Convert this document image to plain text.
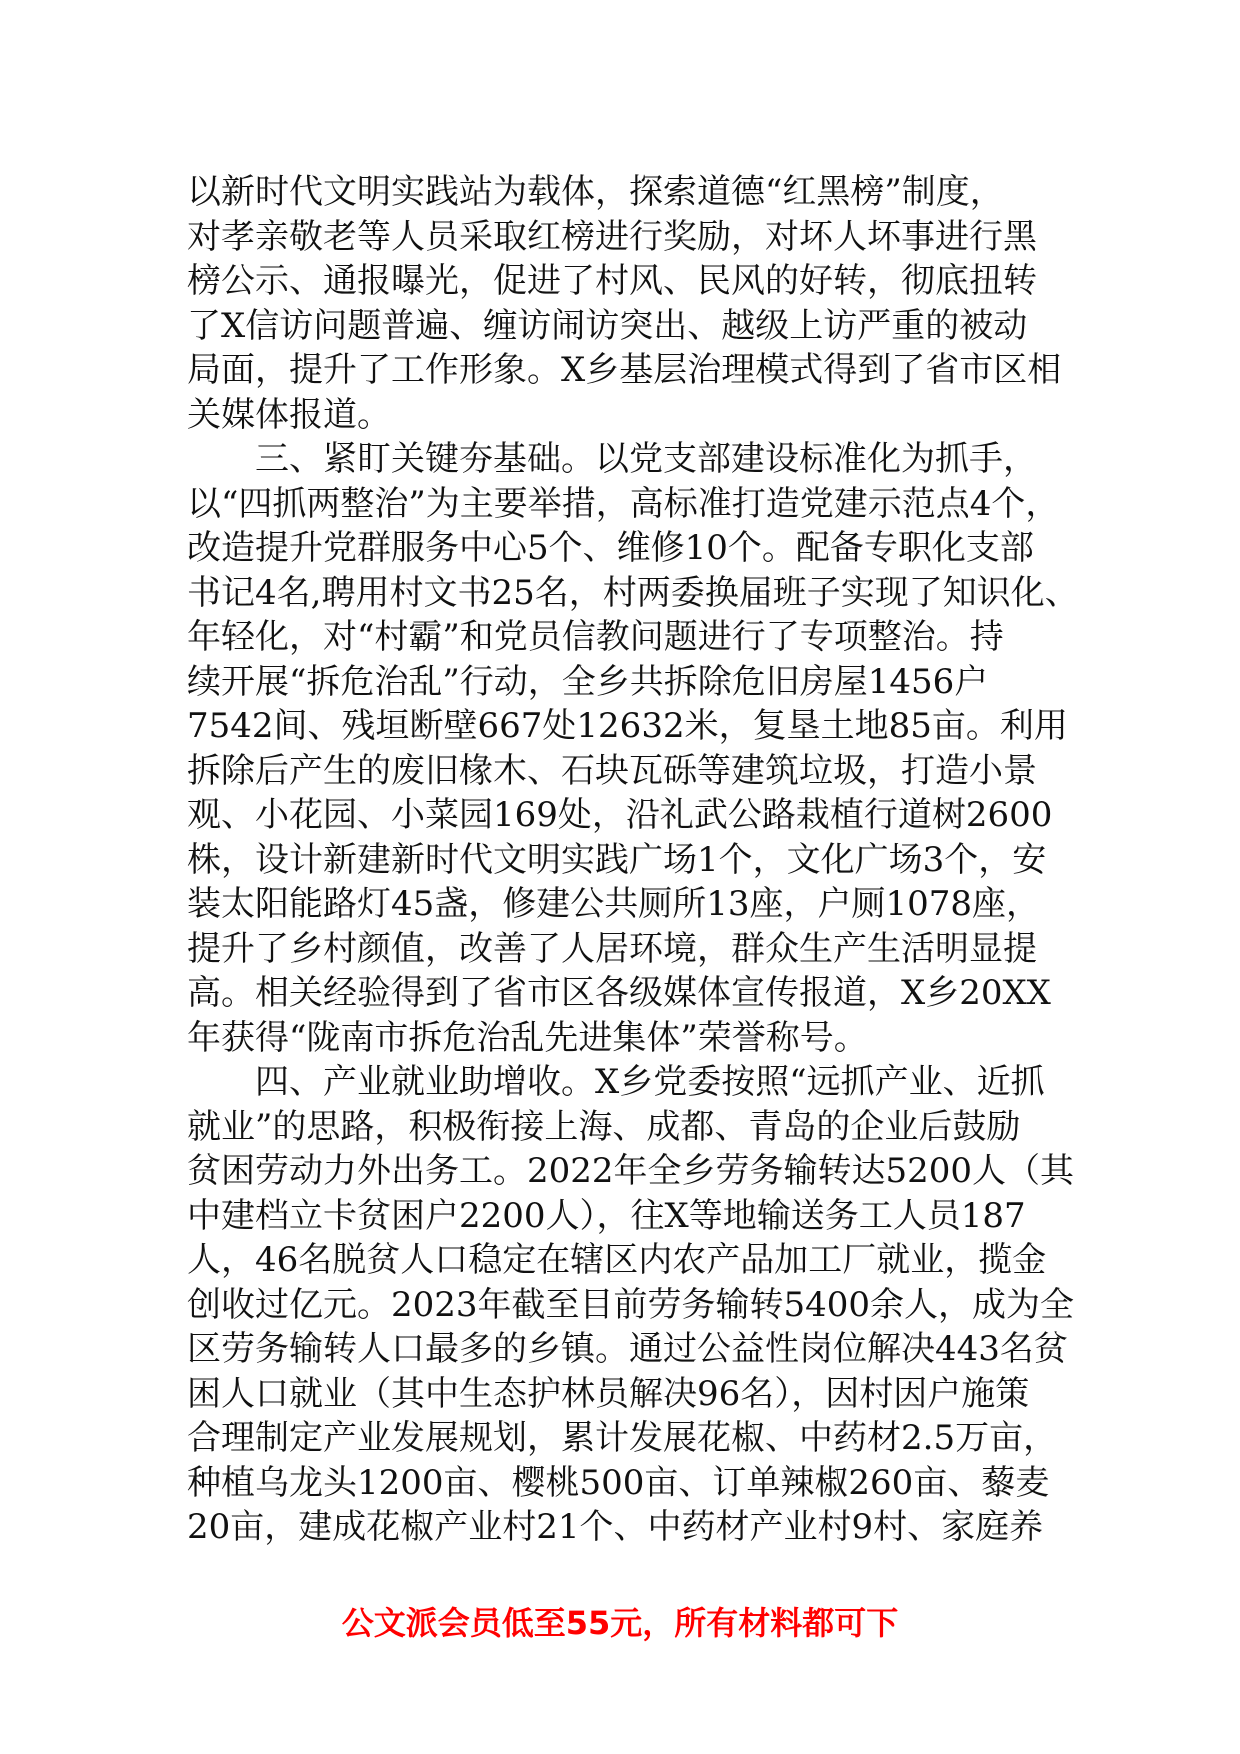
以新时代文明实践站为载体，探索道德“红黑榜”制度，
对孝亲敬老等人员采取红榜进行奖励，对坏人坏事进行黑
榜公示、通报曝光，促进了村风、民风的好转，彻底扭转
了X信访问题普遍、缠访闹访突出、越级上访严重的被动
局面，提升了工作形象。X乡基层治理模式得到了省市区相
关媒体报道。
三、紧盯关键夯基础。以党支部建设标准化为抓手，
以“四抓两整治”为主要举措，高标准打造党建示范点4个，
改造提升党群服务中心5个、维修10个。配备专职化支部
书记4名,聘用村文书25名，村两委换届班子实现了知识化、
年轻化，对“村霸”和党员信教问题进行了专项整治。持
续开展“拆危治乱”行动，全乡共拆除危旧房屋1456户
7542间、残垣断壁667处12632米，复垦土地85亩。利用
拆除后产生的废旧椽木、石块瓦砾等建筑垃圾，打造小景
观、小花园、小菜园169处，沿礼武公路栽植行道树2600
株，设计新建新时代文明实践广场1个，文化广场3个，安
装太阳能路灯45盏，修建公共厕所13座，户厕1078座，
提升了乡村颜值，改善了人居环境，群众生产生活明显提
高。相关经验得到了省市区各级媒体宣传报道，X乡20XX
年获得“陇南市拆危治乱先进集体”荣誉称号。
四、产业就业助增收。X乡党委按照“远抓产业、近抓
就业”的思路，积极衔接上海、成都、青岛的企业后鼓励
贫困劳动力外出务工。2022年全乡劳务输转达5200人（其
中建档立卡贫困户2200人），往X等地输送务工人员187
人，46名脱贫人口稳定在辖区内农产品加工厂就业，揽金
创收过亿元。2023年截至目前劳务输转5400余人，成为全
区劳务输转人口最多的乡镇。通过公益性岗位解决443名贫
困人口就业（其中生态护林员解决96名），因村因户施策
合理制定产业发展规划，累计发展花椒、中药材2.5万亩，
种植乌龙头1200亩、樱桃500亩、订单辣椒260亩、藜麦
20亩，建成花椒产业村21个、中药材产业村9村、家庭养
公文派会员低至55元，所有材料都可下
